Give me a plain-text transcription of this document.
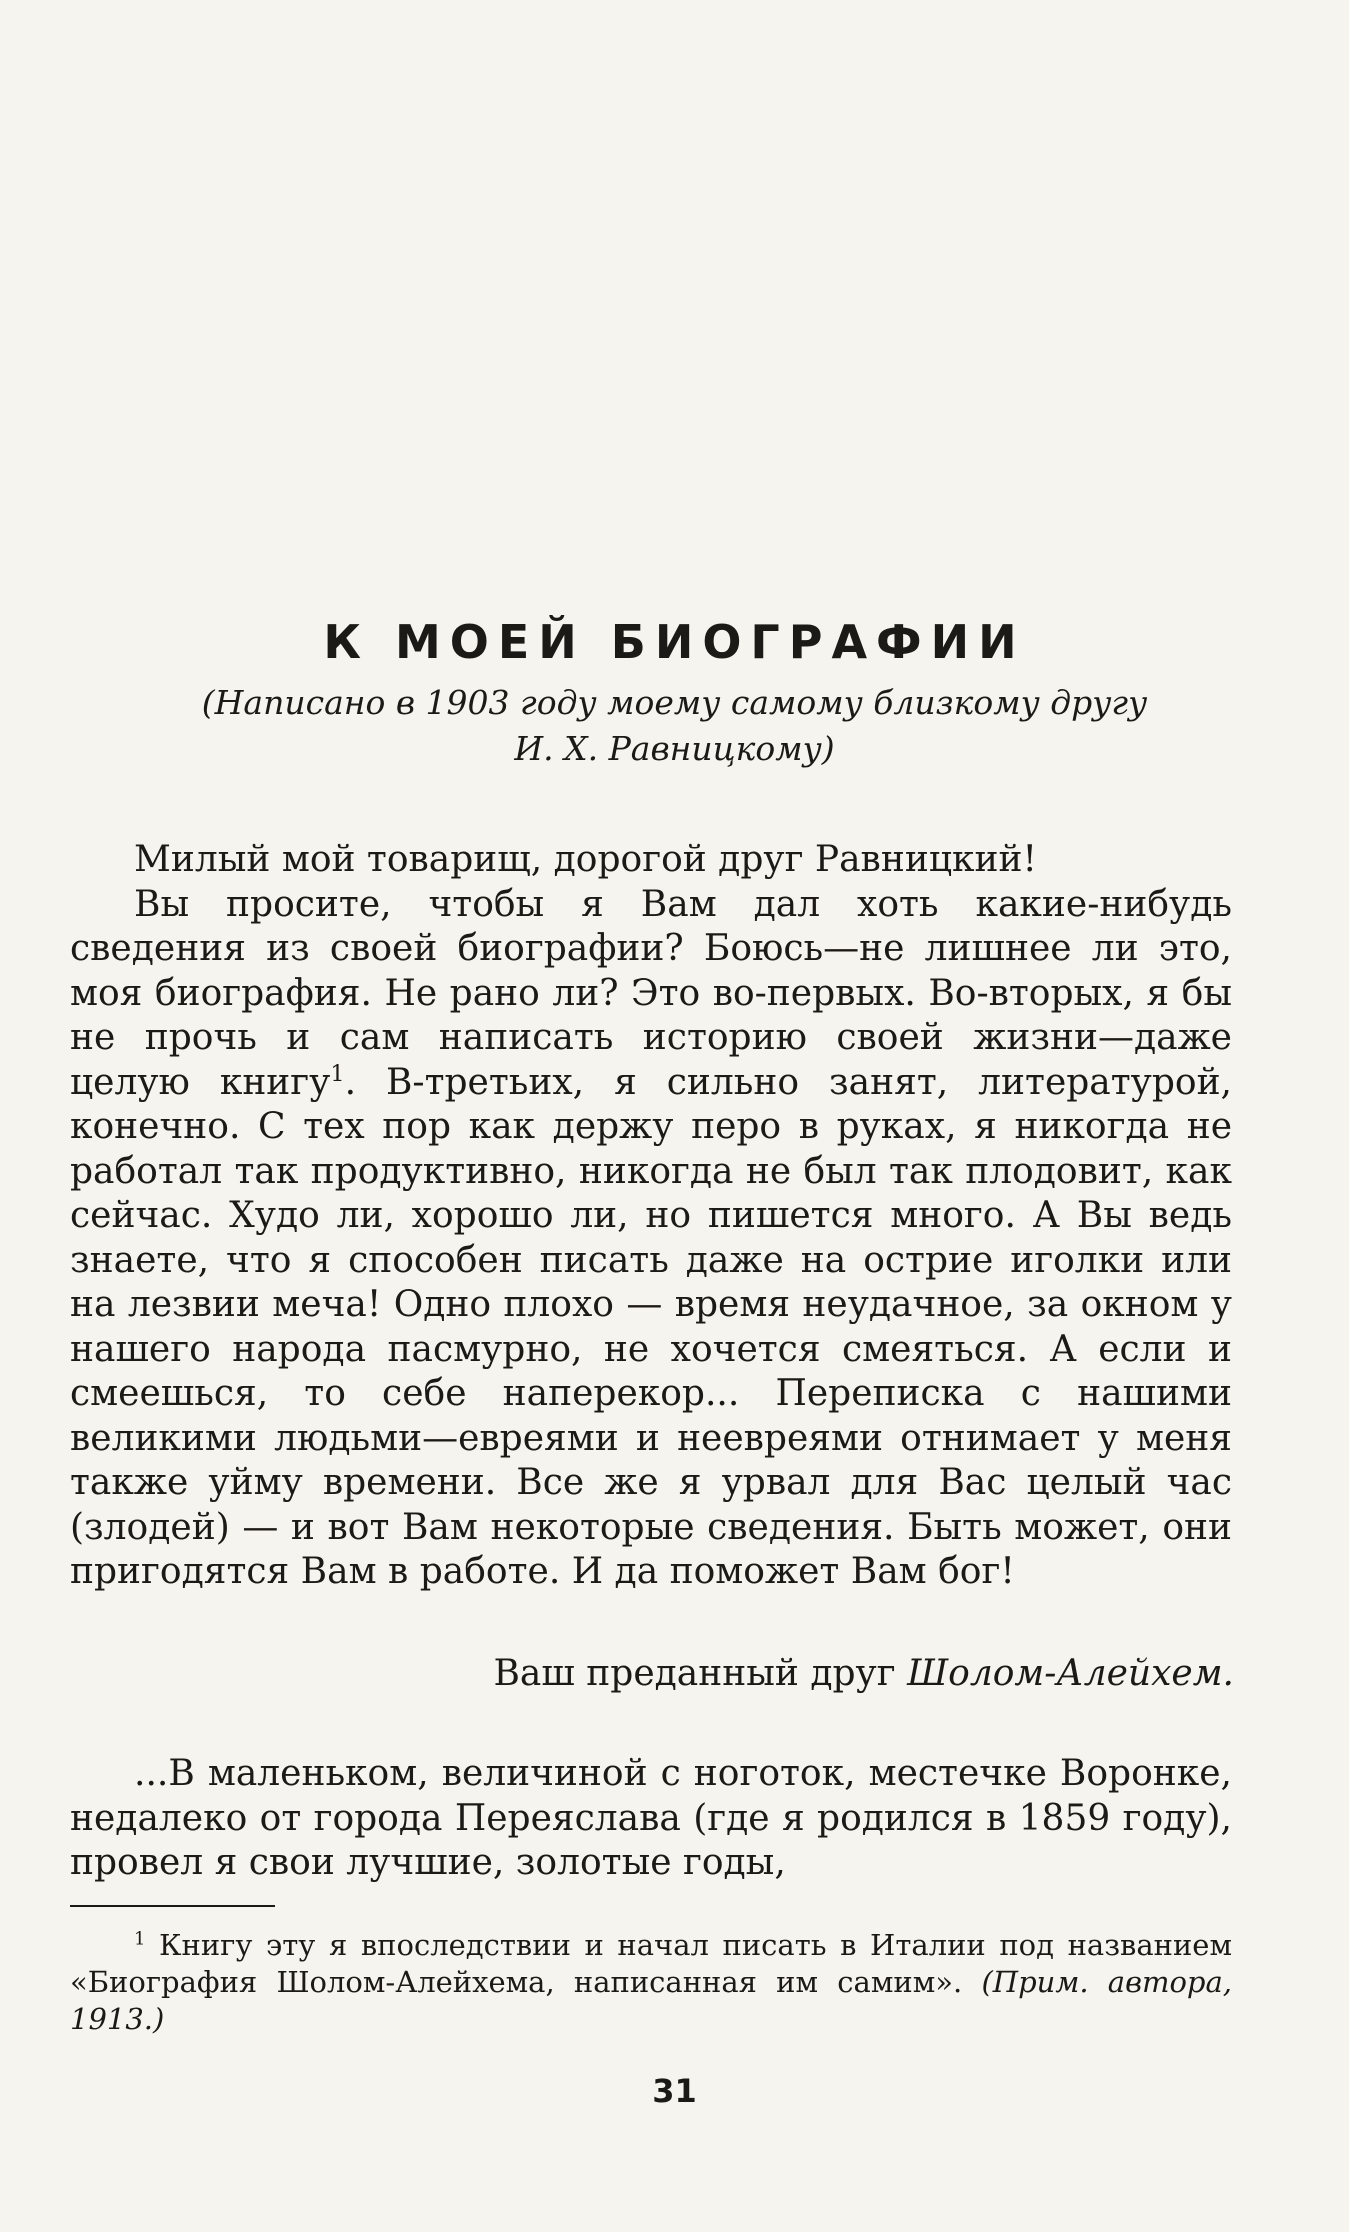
К МОЕЙ БИОГРАФИИ
(Написано в 1903 году моему самому близкому другу
И. Х. Равницкому)

Милый мой товарищ, дорогой друг Равницкий!

Вы просите, чтобы я Вам дал хоть какие-нибудь сведения из своей биографии? Боюсь—не лишнее ли это, моя биография. Не рано ли? Это во-первых. Во-вторых, я бы не прочь и сам написать историю своей жизни—даже целую книгу$^1$. В-третьих, я сильно занят, литературой, конечно. С тех пор как держу перо в руках, я никогда не работал так продуктивно, никогда не был так плодовит, как сейчас. Худо ли, хорошо ли, но пишется много. А Вы ведь знаете, что я способен писать даже на острие иголки или на лезвии меча! Одно плохо — время неудачное, за окном у нашего народа пасмурно, не хочется смеяться. А если и смеешься, то себе наперекор... Переписка с нашими великими людьми—евреями и неевреями отнимает у меня также уйму времени. Все же я урвал для Вас целый час (злодей) — и вот Вам некоторые сведения. Быть может, они пригодятся Вам в работе. И да поможет Вам бог!

Ваш преданный друг Шолом-Алейхем.

...В маленьком, величиной с ноготок, местечке Воронке, недалеко от города Переяслава (где я родился в 1859 году), провел я свои лучшие, золотые годы,

$^1$ Книгу эту я впоследствии и начал писать в Италии под названием «Биография Шолом-Алейхема, написанная им самим». (Прим. автора, 1913.)

31
